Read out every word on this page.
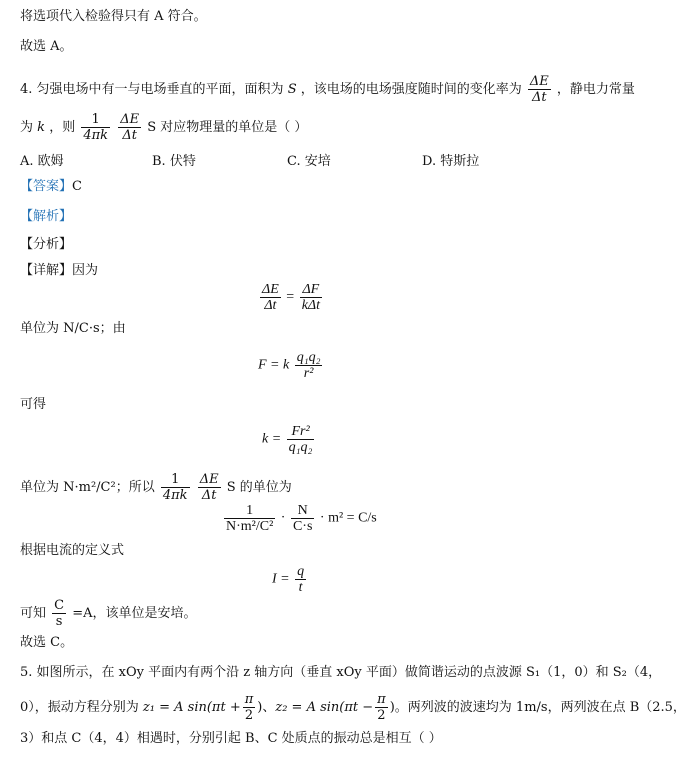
将选项代入检验得只有 A 符合。
故选 A。
4. 匀强电场中有一与电场垂直的平面，面积为 S ，该电场的电场强度随时间的变化率为 $\frac{\Delta E}{\Delta t}$ ，静电力常量
为 k ，则 $\frac{1}{4\pi k}$
$\frac{\Delta E}{\Delta t}$ S 对应物理量的单位是（ ）
A. 欧姆	B. 伏特	C. 安培	D. 特斯拉
【答案】C
【解析】
【分析】
【详解】因为
$\frac{\Delta E}{\Delta t} = \frac{\Delta F}{\text{kΔt}}$
单位为 N/C·s；由
F = k $\frac{\text{q₁q₂}}{\text{r²}}$
可得
$k = \frac{\text{Fr²}}{\text{q₁q₂}}$
单位为 N·m²/C²；所以 $\frac{1}{4\pi k}$
$\frac{\Delta E}{\Delta t}$ S 的单位为
$\frac{1}{\text{N·m²/C²}} \cdot \frac{N}{C\cdot s} \cdot m^2 = C/s$
根据电流的定义式
$I = \frac{q}{t}$
可知 $\frac{C}{s} =A$，该单位是安培。
故选 C。
5. 如图所示，在 xOy 平面内有两个沿 z 轴方向（垂直 xOy 平面）做简谐运动的点波源 S₁（1，0）和 S₂（4，
0），振动方程分别为 z₁ = A $\sin(\pi t + \frac{\pi}{2}$ )、z₂ = A $\sin(\pi t - \frac{\pi}{2}$ )。两列波的波速均为 1m/s，两列波在点 B（2.5，
3）和点 C（4，4）相遇时，分别引起 B、C 处质点的振动总是相互（ ）
